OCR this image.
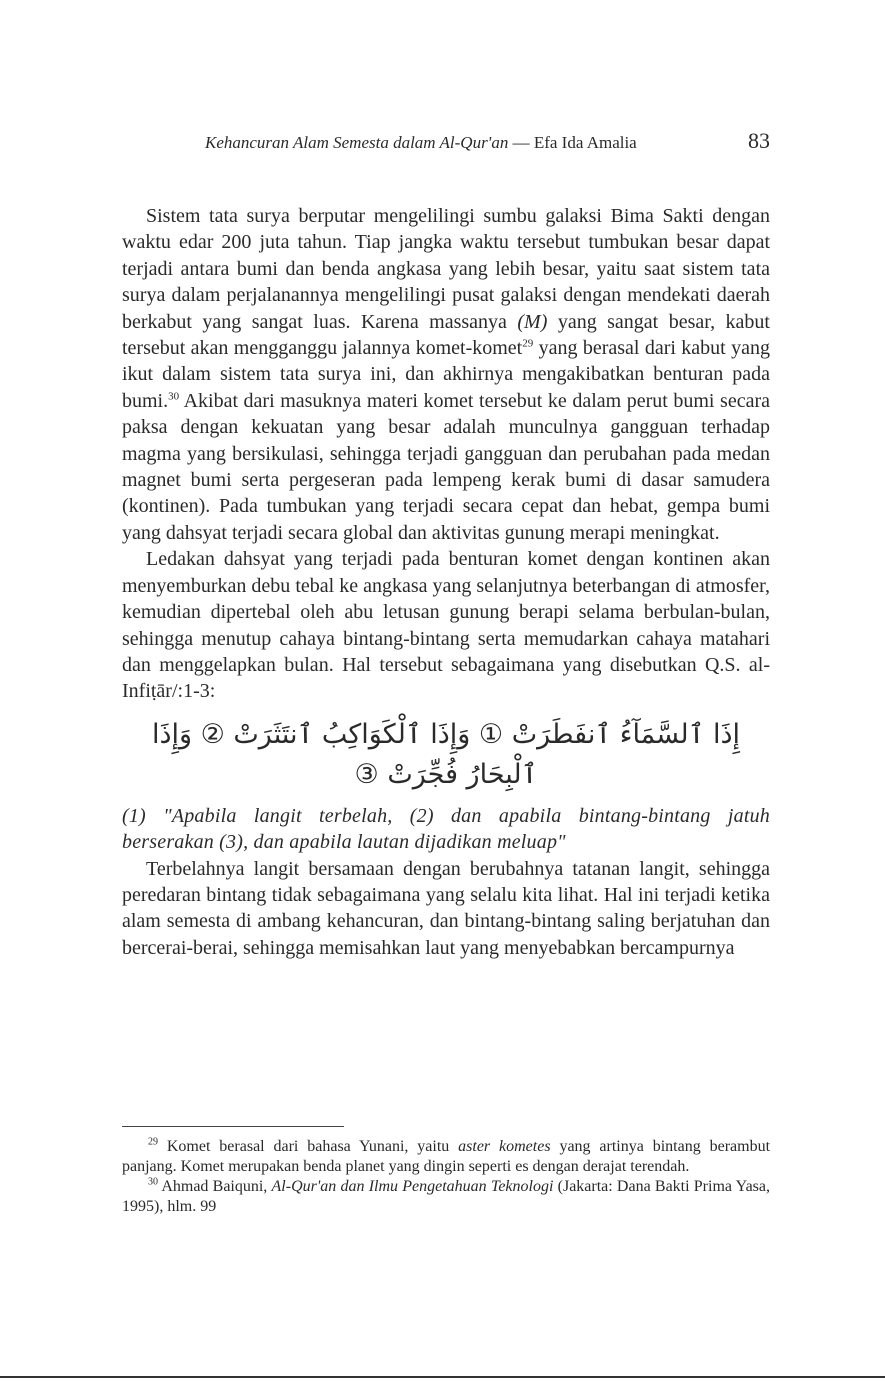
Kehancuran Alam Semesta dalam Al-Qur'an — Efa Ida Amalia	83

Sistem tata surya berputar mengelilingi sumbu galaksi Bima Sakti dengan waktu edar 200 juta tahun. Tiap jangka waktu tersebut tumbukan besar dapat terjadi antara bumi dan benda angkasa yang lebih besar, yaitu saat sistem tata surya dalam perjalanannya mengelilingi pusat galaksi dengan mendekati daerah berkabut yang sangat luas. Karena massanya (M) yang sangat besar, kabut tersebut akan mengganggu jalannya komet-komet$^{29}$ yang berasal dari kabut yang ikut dalam sistem tata surya ini, dan akhirnya mengakibatkan benturan pada bumi.$^{30}$ Akibat dari masuknya materi komet tersebut ke dalam perut bumi secara paksa dengan kekuatan yang besar adalah munculnya gangguan terhadap magma yang bersikulasi, sehingga terjadi gangguan dan perubahan pada medan magnet bumi serta pergeseran pada lempeng kerak bumi di dasar samudera (kontinen). Pada tumbukan yang terjadi secara cepat dan hebat, gempa bumi yang dahsyat terjadi secara global dan aktivitas gunung merapi meningkat.

Ledakan dahsyat yang terjadi pada benturan komet dengan kontinen akan menyemburkan debu tebal ke angkasa yang selanjutnya beterbangan di atmosfer, kemudian dipertebal oleh abu letusan gunung berapi selama berbulan-bulan, sehingga menutup cahaya bintang-bintang serta memudarkan cahaya matahari dan menggelapkan bulan. Hal tersebut sebagaimana yang disebutkan Q.S. al-Infiṭār/:1-3:

إِذَا ٱلسَّمَآءُ ٱنفَطَرَتْ ① وَإِذَا ٱلْكَوَاكِبُ ٱنتَثَرَتْ ② وَإِذَا ٱلْبِحَارُ فُجِّرَتْ ③

(1) "Apabila langit terbelah, (2) dan apabila bintang-bintang jatuh berserakan (3), dan apabila lautan dijadikan meluap"

Terbelahnya langit bersamaan dengan berubahnya tatanan langit, sehingga peredaran bintang tidak sebagaimana yang selalu kita lihat. Hal ini terjadi ketika alam semesta di ambang kehancuran, dan bintang-bintang saling berjatuhan dan bercerai-berai, sehingga memisahkan laut yang menyebabkan bercampurnya

$^{29}$ Komet berasal dari bahasa Yunani, yaitu aster kometes yang artinya bintang berambut panjang. Komet merupakan benda planet yang dingin seperti es dengan derajat terendah.

$^{30}$ Ahmad Baiquni, Al-Qur'an dan Ilmu Pengetahuan Teknologi (Jakarta: Dana Bakti Prima Yasa, 1995), hlm. 99
